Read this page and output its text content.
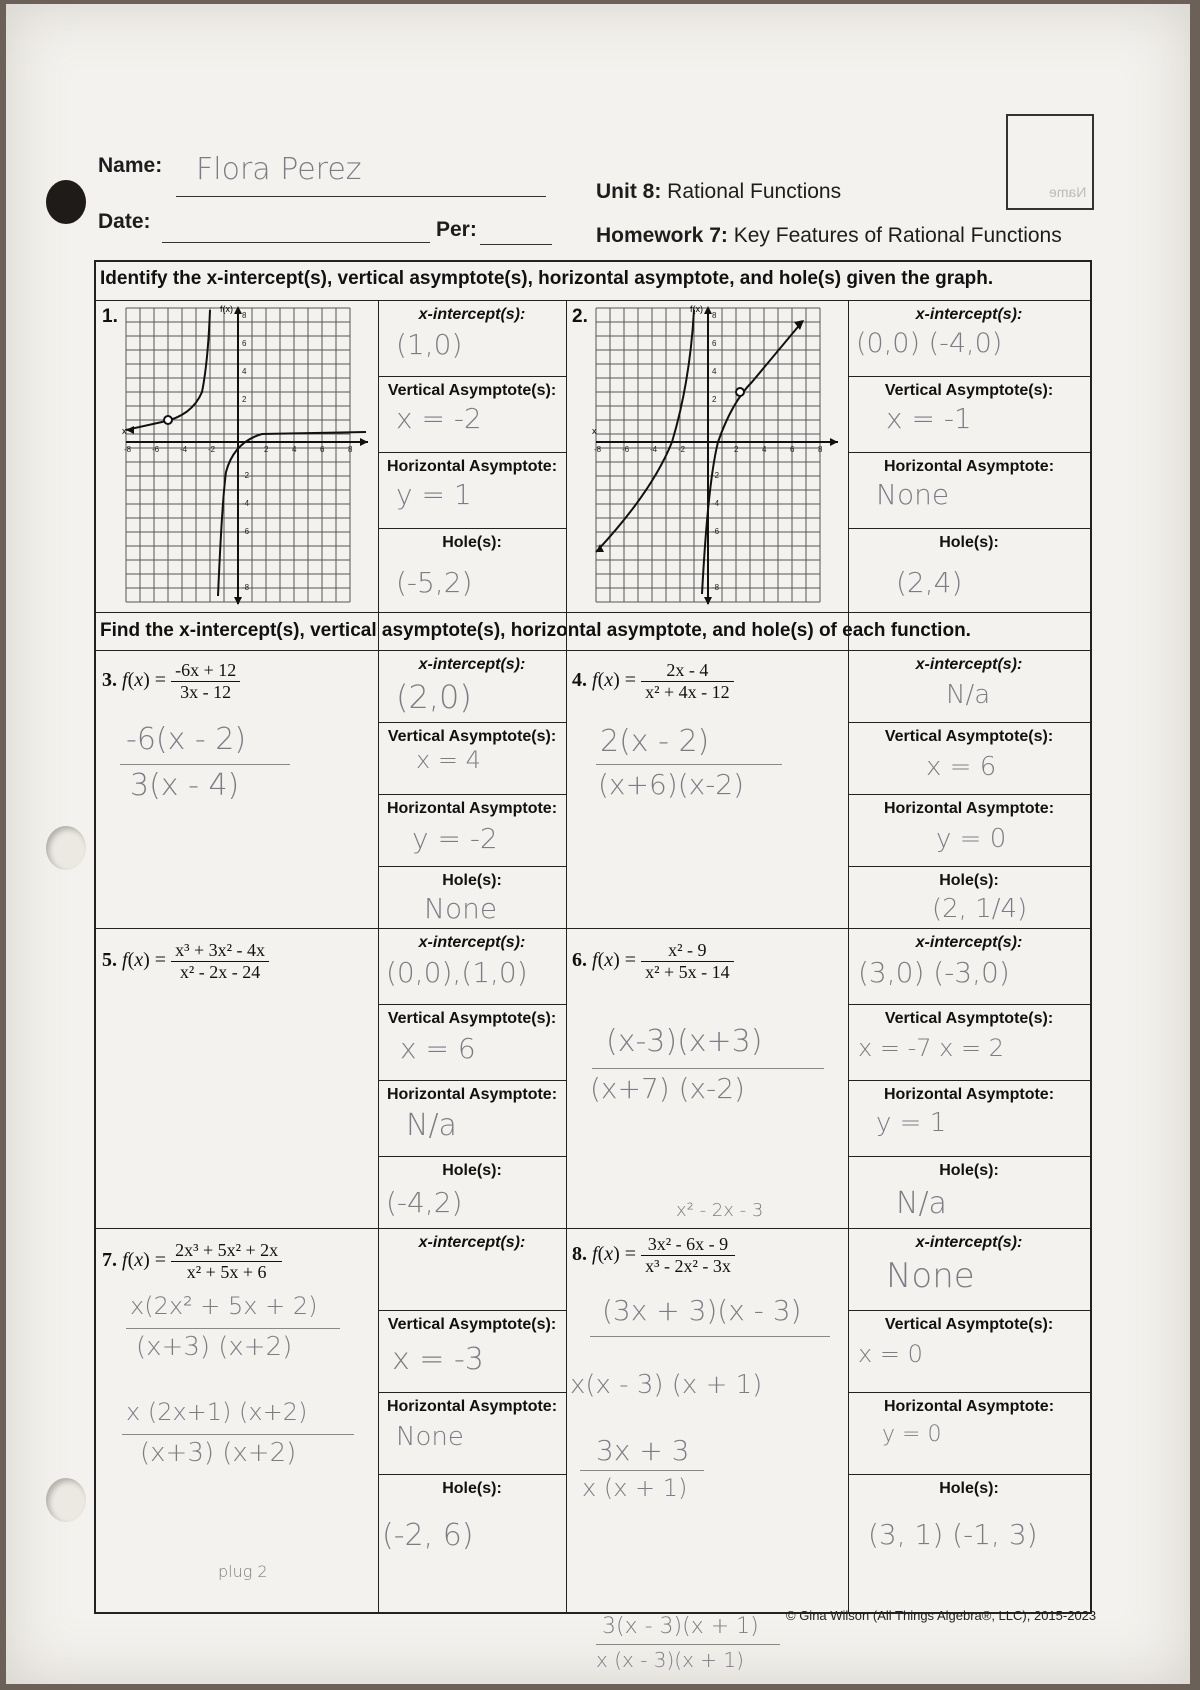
Name: Flora Perez
Date:	Per:
Unit 8: Rational Functions
Homework 7: Key Features of Rational Functions
Name
Identify the x-intercept(s), vertical asymptote(s), horizontal asymptote, and hole(s) given the graph.
Find the x-intercept(s), vertical asymptote(s), horizontal asymptote, and hole(s) of each function.
1.	f(x)
x
-8	-6	-4	-2	2	4	6	8
8
6
4
2
-2
-4
-6
-8
x-intercept(s):
(1,0)
Vertical Asymptote(s):
x = -2
Horizontal Asymptote:
y = 1
Hole(s):
(-5,2)
2.	f(x)
x
-8	-6	-4	-2	2	4	6	8
8
6
4
2
-2
-4
-6
-8
x-intercept(s):
(0,0) (-4,0)
Vertical Asymptote(s):
x = -1
Horizontal Asymptote:
None
Hole(s):
(2,4)
3. $f(x) = \frac{-6x + 12}{3x - 12}$
-6(x - 2)
3(x - 4)
x-intercept(s):
(2,0)
Vertical Asymptote(s):
x = 4
Horizontal Asymptote:
y = -2
Hole(s):
None
4. $f(x) = \frac{2x - 4}{\text{x² + 4x - 12}}$
2(x - 2)
(x+6)(x-2)
x-intercept(s):
N/a
Vertical Asymptote(s):
x = 6
Horizontal Asymptote:
y = 0
Hole(s):
(2, 1/4)
5. $f(x) = \frac{\text{x³ + 3x² - 4x}}{\text{x² - 2x - 24}}$	x-intercept(s):
(0,0),(1,0)
Vertical Asymptote(s):
x = 6
Horizontal Asymptote:
N/a
Hole(s):
(-4,2)
6. $f(x) = \frac{\text{x² - 9}}{\text{x² + 5x - 14}}$
(x-3)(x+3)
(x+7) (x-2)
x² - 2x - 3
x-intercept(s):
(3,0) (-3,0)
Vertical Asymptote(s):
x = -7 x = 2
Horizontal Asymptote:
y = 1
Hole(s):
N/a
7. $f(x) = \frac{\text{2x³ + 5x² + 2x}}{\text{x² + 5x + 6}}$
x(2x² + 5x + 2)
(x+3) (x+2)
x (2x+1) (x+2)
(x+3) (x+2)
plug 2
x-intercept(s):
Vertical Asymptote(s):
x = -3
Horizontal Asymptote:
None
Hole(s):
(-2, 6)
8. $f(x) = \frac{\text{3x² - 6x - 9}}{\text{x³ - 2x² - 3x}}$
(3x + 3)(x - 3)
x(x - 3) (x + 1)
3x + 3
x (x + 1)
x-intercept(s):
None
Vertical Asymptote(s):
x = 0
Horizontal Asymptote:
y = 0
Hole(s):
(3, 1) (-1, 3)
3(x - 3)(x + 1)
x (x - 3)(x + 1)
© Gina Wilson (All Things Algebra®, LLC), 2015-2023
